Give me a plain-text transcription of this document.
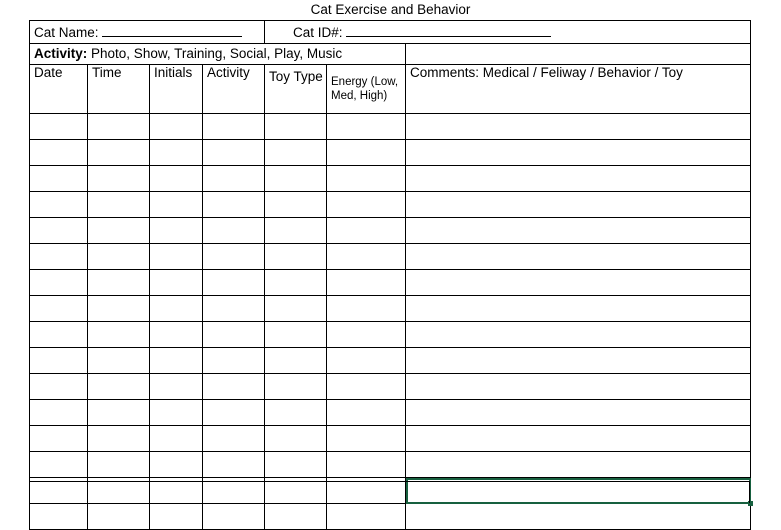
Cat Exercise and Behavior
Cat Name:				Cat ID#:		

Activity: Photo, Show, Training, Social, Play, Music						

Date	Time	Initials	Activity	Toy Type	Energy (Low, Med, High)	Comments: Medical / Feliway / Behavior / Toy
